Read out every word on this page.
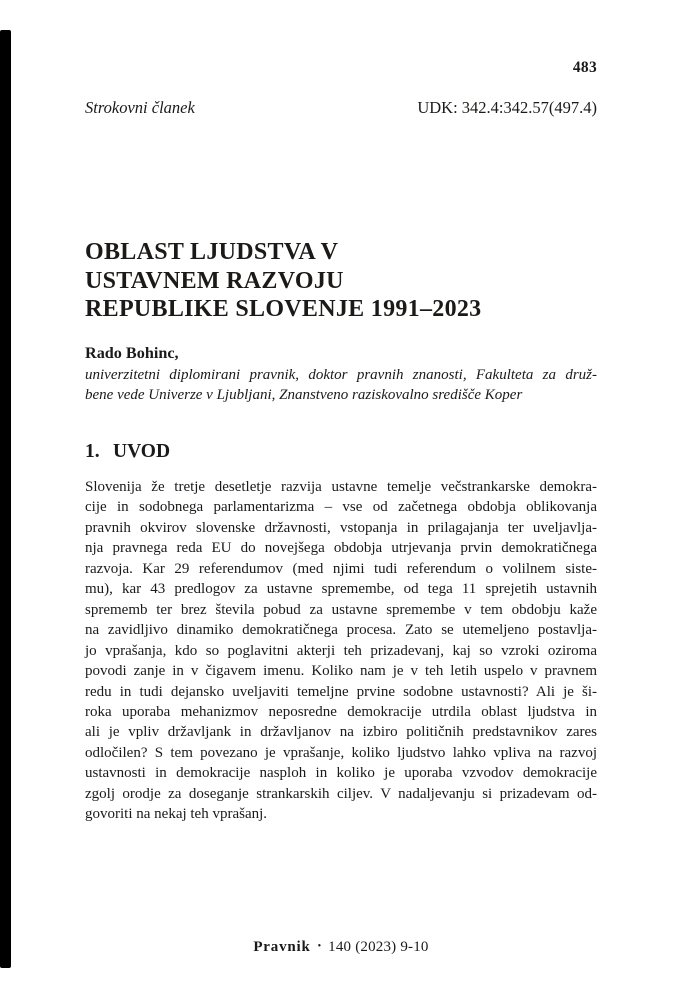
483
Strokovni članek	UDK: 342.4:342.57(497.4)
OBLAST LJUDSTVA V
USTAVNEM RAZVOJU
REPUBLIKE SLOVENJE 1991–2023
Rado Bohinc,
univerzitetni diplomirani pravnik, doktor pravnih znanosti, Fakulteta za druž-
bene vede Univerze v Ljubljani, Znanstveno raziskovalno središče Koper
1. UVOD
Slovenija že tretje desetletje razvija ustavne temelje večstrankarske demokra-
cije in sodobnega parlamentarizma – vse od začetnega obdobja oblikovanja
pravnih okvirov slovenske državnosti, vstopanja in prilagajanja ter uveljavlja-
nja pravnega reda EU do novejšega obdobja utrjevanja prvin demokratičnega
razvoja. Kar 29 referendumov (med njimi tudi referendum o volilnem siste-
mu), kar 43 predlogov za ustavne spremembe, od tega 11 sprejetih ustavnih
sprememb ter brez števila pobud za ustavne spremembe v tem obdobju kaže
na zavidljivo dinamiko demokratičnega procesa. Zato se utemeljeno postavlja-
jo vprašanja, kdo so poglavitni akterji teh prizadevanj, kaj so vzroki oziroma
povodi zanje in v čigavem imenu. Koliko nam je v teh letih uspelo v pravnem
redu in tudi dejansko uveljaviti temeljne prvine sodobne ustavnosti? Ali je ši-
roka uporaba mehanizmov neposredne demokracije utrdila oblast ljudstva in
ali je vpliv državljank in državljanov na izbiro političnih predstavnikov zares
odločilen? S tem povezano je vprašanje, koliko ljudstvo lahko vpliva na razvoj
ustavnosti in demokracije nasploh in koliko je uporaba vzvodov demokracije
zgolj orodje za doseganje strankarskih ciljev. V nadaljevanju si prizadevam od-
govoriti na nekaj teh vprašanj.
Pravnik • 140 (2023) 9-10
